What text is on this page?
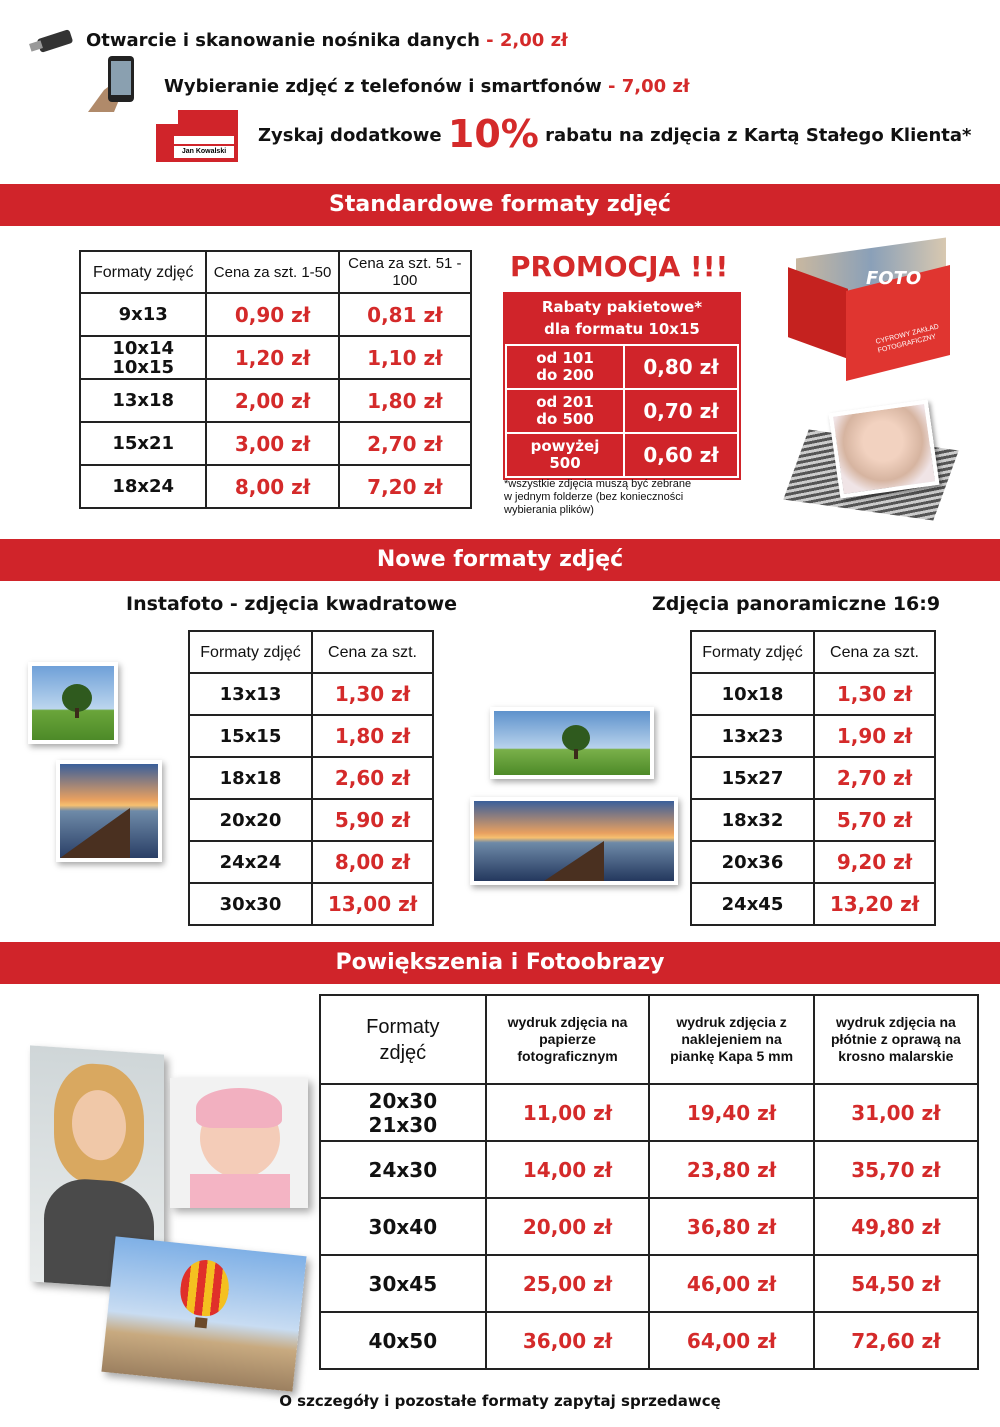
Otwarcie i skanowanie nośnika danych - 2,00 zł
Wybieranie zdjęć z telefonów i smartfonów - 7,00 zł
Jan Kowalski
Zyskaj dodatkowe 10% rabatu na zdjęcia z Kartą Stałego Klienta*
Standardowe formaty zdjęć
Formaty zdjęć	Cena za szt. 1-50	Cena za szt. 51 - 100
9x13	0,90 zł	0,81 zł
10x14
10x15	1,20 zł	1,10 zł
13x18	2,00 zł	1,80 zł
15x21	3,00 zł	2,70 zł
18x24	8,00 zł	7,20 zł
PROMOCJA !!!
Rabaty pakietowe*
dla formatu 10x15
od 101
do 200	0,80 zł
od 201
do 500	0,70 zł
powyżej
500	0,60 zł
*wszystkie zdjęcia muszą być zebrane
w jednym folderze (bez konieczności
wybierania plików)
FOTO
CYFROWY ZAKŁAD
FOTOGRAFICZNY
Nowe formaty zdjęć
Instafoto - zdjęcia kwadratowe	Zdjęcia panoramiczne 16:9
Formaty zdjęć	Cena za szt.
13x13	1,30 zł
15x15	1,80 zł
18x18	2,60 zł
20x20	5,90 zł
24x24	8,00 zł
30x30	13,00 zł
Formaty zdjęć	Cena za szt.
10x18	1,30 zł
13x23	1,90 zł
15x27	2,70 zł
18x32	5,70 zł
20x36	9,20 zł
24x45	13,20 zł
Powiększenia i Fotoobrazy
Formaty zdjęć	wydruk zdjęcia na papierze fotograficznym	wydruk zdjęcia z naklejeniem na piankę Kapa 5 mm	wydruk zdjęcia na płótnie z oprawą na krosno malarskie
20x30
21x30	11,00 zł	19,40 zł	31,00 zł
24x30	14,00 zł	23,80 zł	35,70 zł
30x40	20,00 zł	36,80 zł	49,80 zł
30x45	25,00 zł	46,00 zł	54,50 zł
40x50	36,00 zł	64,00 zł	72,60 zł
O szczegóły i pozostałe formaty zapytaj sprzedawcę
